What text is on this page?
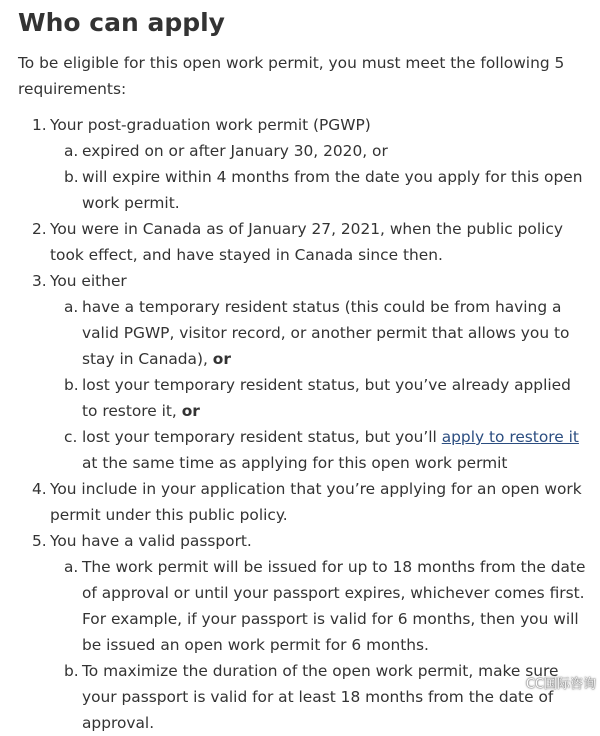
Who can apply

To be eligible for this open work permit, you must meet the following 5 requirements:

1. Your post-graduation work permit (PGWP)
a. expired on or after January 30, 2020, or
b. will expire within 4 months from the date you apply for this open work permit.
2. You were in Canada as of January 27, 2021, when the public policy took effect, and have stayed in Canada since then.
3. You either
a. have a temporary resident status (this could be from having a valid PGWP, visitor record, or another permit that allows you to stay in Canada), or
b. lost your temporary resident status, but you’ve already applied to restore it, or
c. lost your temporary resident status, but you’ll apply to restore it at the same time as applying for this open work permit
4. You include in your application that you’re applying for an open work permit under this public policy.
5. You have a valid passport.
a. The work permit will be issued for up to 18 months from the date of approval or until your passport expires, whichever comes first. For example, if your passport is valid for 6 months, then you will be issued an open work permit for 6 months.
b. To maximize the duration of the open work permit, make sure your passport is valid for at least 18 months from the date of approval.
CC国际咨询
